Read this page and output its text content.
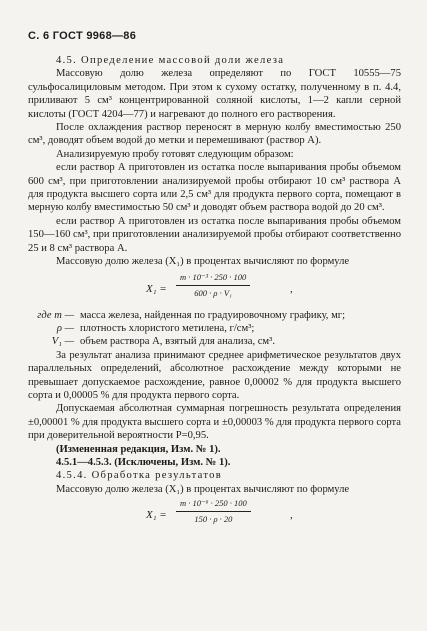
С. 6 ГОСТ 9968—86

4.5. Определение массовой доли железа

Массовую долю железа определяют по ГОСТ 10555—75 сульфосалициловым методом. При этом к сухому остатку, полученному в п. 4.4, приливают 5 см³ концентрированной соляной кислоты, 1—2 капли серной кислоты (ГОСТ 4204—77) и нагревают до полного его растворения.

После охлаждения раствор переносят в мерную колбу вместимостью 250 см³, доводят объем водой до метки и перемешивают (раствор А).

Анализируемую пробу готовят следующим образом:

если раствор А приготовлен из остатка после выпаривания пробы объемом 600 см³, при приготовлении анализируемой пробы отбирают 10 см³ раствора А для продукта высшего сорта или 2,5 см³ для продукта первого сорта, помещают в мерную колбу вместимостью 50 см³ и доводят объем раствора водой до 20 см³.

если раствор А приготовлен из остатка после выпаривания пробы объемом 150—160 см³, при приготовлении анализируемой пробы отбирают соответственно 25 и 8 см³ раствора А.

Массовую долю железа (X₁) в процентах вычисляют по формуле

$X_1 = \frac{\text{m · 10⁻³ · 250 · 100}}{\text{600 · ρ · V₁}}$	,
где m — масса железа, найденная по градуировочному графику, мг;
ρ — плотность хлористого метилена, г/см³;
V₁ — объем раствора А, взятый для анализа, см³.

За результат анализа принимают среднее арифметическое результатов двух параллельных определений, абсолютное расхождение между которыми не превышает допускаемое расхождение, равное 0,00002 % для продукта высшего сорта и 0,00005 % для продукта первого сорта.

Допускаемая абсолютная суммарная погрешность результата определения ±0,00001 % для продукта высшего сорта и ±0,00003 % для продукта первого сорта при доверительной вероятности P=0,95.

(Измененная редакция, Изм. № 1).

4.5.1—4.5.3. (Исключены, Изм. № 1).

4.5.4. Обработка результатов

Массовую долю железа (X₁) в процентах вычисляют по формуле

$X_1 = \frac{\text{m · 10⁻⁶ · 250 · 100}}{150 \cdot \rho \cdot 20}$	,
